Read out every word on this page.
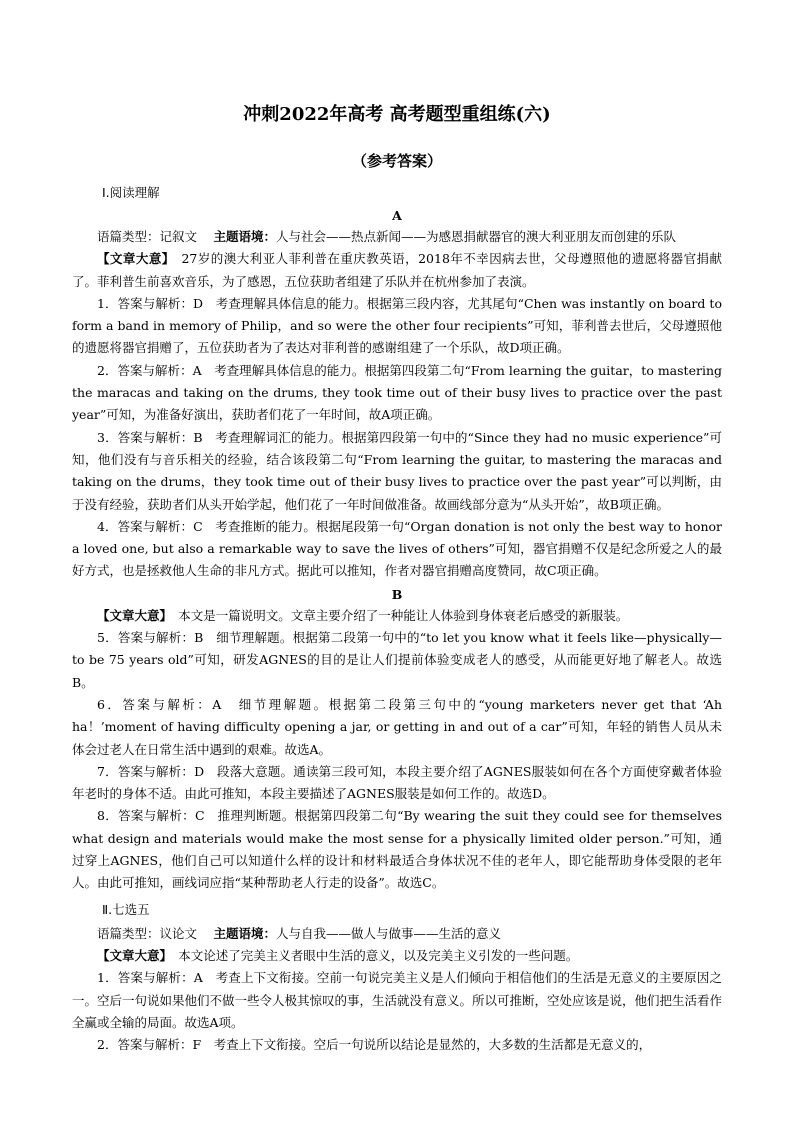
冲刺2022年高考 高考题型重组练(六)
（参考答案）
Ⅰ.阅读理解
A

语篇类型：记叙文　 主题语境：人与社会——热点新闻——为感恩捐献器官的澳大利亚朋友而创建的乐队

【文章大意】　 27岁的澳大利亚人菲利普在重庆教英语，2018年不幸因病去世，父母遵照他的遗愿将器官捐献了。菲利普生前喜欢音乐，为了感恩，五位获助者组建了乐队并在杭州参加了表演。

1．答案与解析：D　考查理解具体信息的能力。根据第三段内容，尤其尾句“Chen was instantly on board to form a band in memory of Philip，and so were the other four recipients”可知，菲利普去世后，父母遵照他的遗愿将器官捐赠了，五位获助者为了表达对菲利普的感谢组建了一个乐队，故D项正确。

2．答案与解析：A　考查理解具体信息的能力。根据第四段第二句“From learning the guitar，to mastering the maracas and taking on the drums, they took time out of their busy lives to practice over the past year”可知，为准备好演出，获助者们花了一年时间，故A项正确。

3．答案与解析：B　考查理解词汇的能力。根据第四段第一句中的“Since they had no music experience”可知，他们没有与音乐相关的经验，结合该段第二句“From learning the guitar, to mastering the maracas and taking on the drums，they took time out of their busy lives to practice over the past year”可以判断，由于没有经验，获助者们从头开始学起，他们花了一年时间做准备。故画线部分意为“从头开始”，故B项正确。

4．答案与解析：C　考查推断的能力。根据尾段第一句“Organ donation is not only the best way to honor a loved one, but also a remarkable way to save the lives of others”可知，器官捐赠不仅是纪念所爱之人的最好方式，也是拯救他人生命的非凡方式。据此可以推知，作者对器官捐赠高度赞同，故C项正确。

B

【文章大意】　 本文是一篇说明文。文章主要介绍了一种能让人体验到身体衰老后感受的新服装。

5．答案与解析：B　细节理解题。根据第二段第一句中的“to let you know what it feels like—physically—to be 75 years old”可知，研发AGNES的目的是让人们提前体验变成老人的感受，从而能更好地了解老人。故选B。

6．答案与解析：A　细节理解题。根据第二段第三句中的“young marketers never get that ‘Ah ha！’moment of having difficulty opening a jar, or getting in and out of a car”可知，年轻的销售人员从未体会过老人在日常生活中遇到的艰难。故选A。

7．答案与解析：D　段落大意题。通读第三段可知，本段主要介绍了AGNES服装如何在各个方面使穿戴者体验年老时的身体不适。由此可推知，本段主要描述了AGNES服装是如何工作的。故选D。

8．答案与解析：C　推理判断题。根据第四段第二句“By wearing the suit they could see for themselves what design and materials would make the most sense for a physically limited older person.”可知，通过穿上AGNES，他们自己可以知道什么样的设计和材料最适合身体状况不佳的老年人，即它能帮助身体受限的老年人。由此可推知，画线词应指“某种帮助老人行走的设备”。故选C。

Ⅱ.七选五

语篇类型：议论文　 主题语境：人与自我——做人与做事——生活的意义

【文章大意】　 本文论述了完美主义者眼中生活的意义，以及完美主义引发的一些问题。

1．答案与解析：A　考查上下文衔接。空前一句说完美主义是人们倾向于相信他们的生活是无意义的主要原因之一。空后一句说如果他们不做一些令人极其惊叹的事，生活就没有意义。所以可推断，空处应该是说，他们把生活看作全赢或全输的局面。故选A项。

2．答案与解析：F　考查上下文衔接。空后一句说所以结论是显然的，大多数的生活都是无意义的，
